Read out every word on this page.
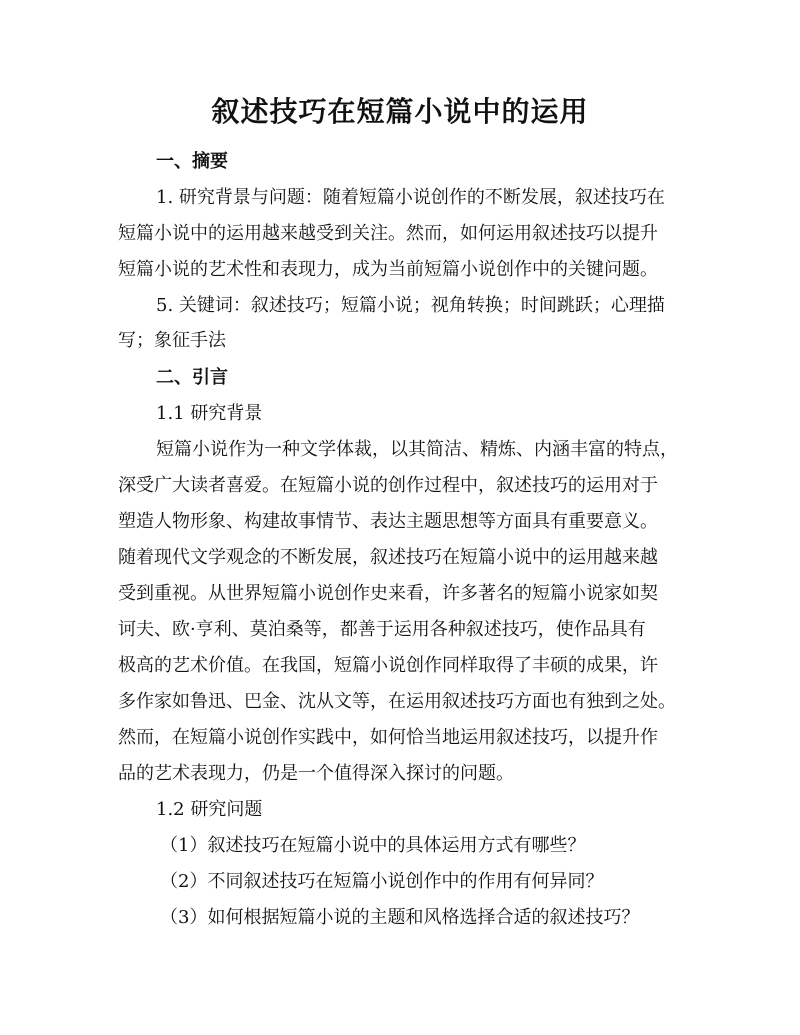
叙述技巧在短篇小说中的运用
一、摘要
1. 研究背景与问题：随着短篇小说创作的不断发展，叙述技巧在
短篇小说中的运用越来越受到关注。然而，如何运用叙述技巧以提升
短篇小说的艺术性和表现力，成为当前短篇小说创作中的关键问题。
5. 关键词：叙述技巧；短篇小说；视角转换；时间跳跃；心理描
写；象征手法
二、引言
1.1 研究背景
短篇小说作为一种文学体裁，以其简洁、精炼、内涵丰富的特点，
深受广大读者喜爱。在短篇小说的创作过程中，叙述技巧的运用对于
塑造人物形象、构建故事情节、表达主题思想等方面具有重要意义。
随着现代文学观念的不断发展，叙述技巧在短篇小说中的运用越来越
受到重视。从世界短篇小说创作史来看，许多著名的短篇小说家如契
诃夫、欧·亨利、莫泊桑等，都善于运用各种叙述技巧，使作品具有
极高的艺术价值。在我国，短篇小说创作同样取得了丰硕的成果，许
多作家如鲁迅、巴金、沈从文等，在运用叙述技巧方面也有独到之处。
然而，在短篇小说创作实践中，如何恰当地运用叙述技巧，以提升作
品的艺术表现力，仍是一个值得深入探讨的问题。
1.2 研究问题
（1）叙述技巧在短篇小说中的具体运用方式有哪些？
（2）不同叙述技巧在短篇小说创作中的作用有何异同？
（3）如何根据短篇小说的主题和风格选择合适的叙述技巧？
